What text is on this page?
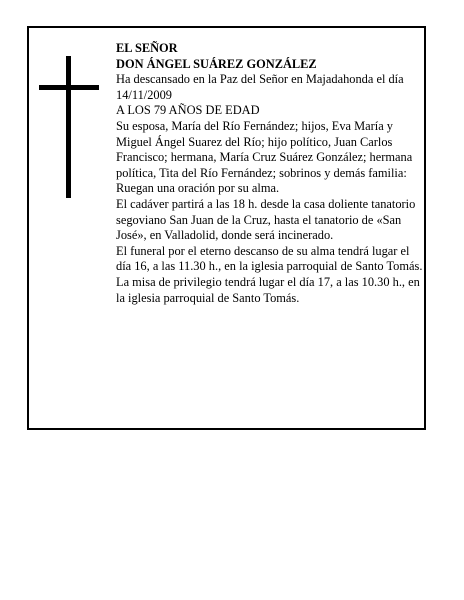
EL SEÑOR

DON ÁNGEL SUÁREZ GONZÁLEZ

Ha descansado en la Paz del Señor en Majadahonda el día 14/11/2009

A LOS 79 AÑOS DE EDAD

Su esposa, María del Río Fernández; hijos, Eva María y Miguel Ángel Suarez del Río; hijo político, Juan Carlos Francisco; hermana, María Cruz Suárez González; hermana política, Tita del Río Fernández; sobrinos y demás familia:

Ruegan una oración por su alma.

El cadáver partirá a las 18 h. desde la casa doliente tanatorio segoviano San Juan de la Cruz, hasta el tanatorio de «San José», en Valladolid, donde será incinerado.

El funeral por el eterno descanso de su alma tendrá lugar el día 16, a las 11.30 h., en la iglesia parroquial de Santo Tomás.

La misa de privilegio tendrá lugar el día 17, a las 10.30 h., en la iglesia parroquial de Santo Tomás.
